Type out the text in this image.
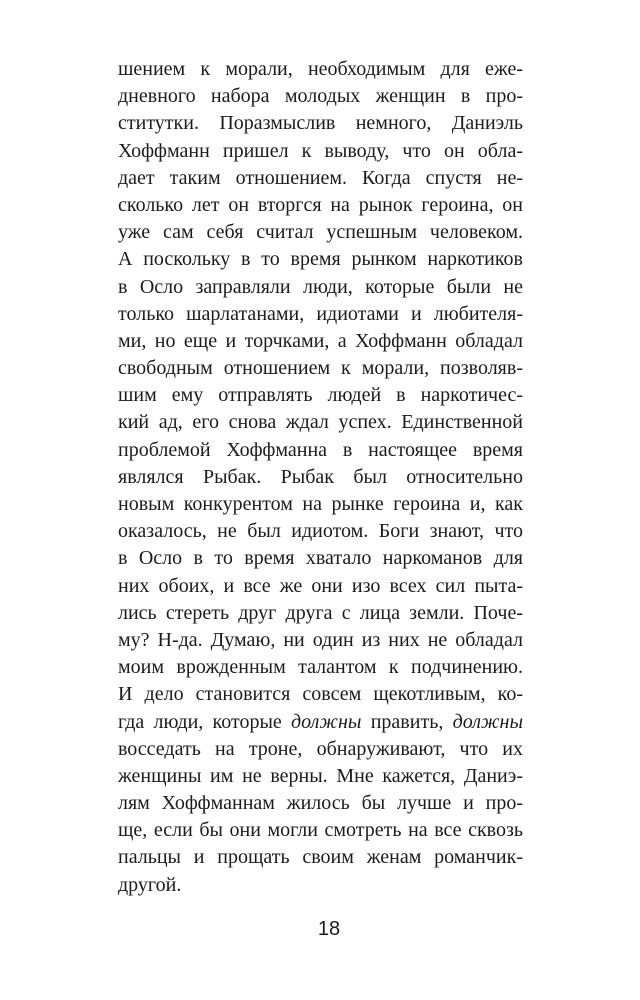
шением к морали, необходимым для еже-
дневного набора молодых женщин в про-
ститутки. Поразмыслив немного, Даниэль
Хоффманн пришел к выводу, что он обла-
дает таким отношением. Когда спустя не-
сколько лет он вторгся на рынок героина, он
уже сам себя считал успешным человеком.
А поскольку в то время рынком наркотиков
в Осло заправляли люди, которые были не
только шарлатанами, идиотами и любителя-
ми, но еще и торчками, а Хоффманн обладал
свободным отношением к морали, позволяв-
шим ему отправлять людей в наркотичес-
кий ад, его снова ждал успех. Единственной
проблемой Хоффманна в настоящее время
являлся Рыбак. Рыбак был относительно
новым конкурентом на рынке героина и, как
оказалось, не был идиотом. Боги знают, что
в Осло в то время хватало наркоманов для
них обоих, и все же они изо всех сил пыта-
лись стереть друг друга с лица земли. Поче-
му? Н-да. Думаю, ни один из них не обладал
моим врожденным талантом к подчинению.
И дело становится совсем щекотливым, ко-
гда люди, которые должны править, должны
восседать на троне, обнаруживают, что их
женщины им не верны. Мне кажется, Даниэ-
лям Хоффманнам жилось бы лучше и про-
ще, если бы они могли смотреть на все сквозь
пальцы и прощать своим женам романчик-
другой.
18
